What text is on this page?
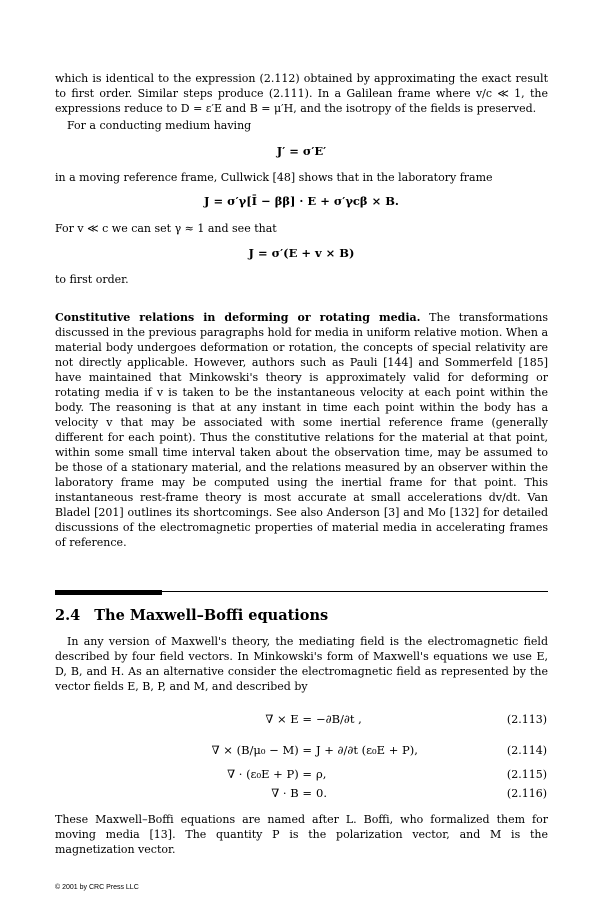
which is identical to the expression (2.112) obtained by approximating the exact result to first order. Similar steps produce (2.111). In a Galilean frame where v/c ≪ 1, the expressions reduce to D = ε′E and B = μ′H, and the isotropy of the fields is preserved.

For a conducting medium having

J′ = σ′E′

in a moving reference frame, Cullwick [48] shows that in the laboratory frame

J = σ′γ[Ī − ββ] · E + σ′γcβ × B.

For v ≪ c we can set γ ≈ 1 and see that

J = σ′(E + v × B)

to first order.

Constitutive relations in deforming or rotating media. The transformations discussed in the previous paragraphs hold for media in uniform relative motion. When a material body undergoes deformation or rotation, the concepts of special relativity are not directly applicable. However, authors such as Pauli [144] and Sommerfeld [185] have maintained that Minkowski's theory is approximately valid for deforming or rotating media if v is taken to be the instantaneous velocity at each point within the body. The reasoning is that at any instant in time each point within the body has a velocity v that may be associated with some inertial reference frame (generally different for each point). Thus the constitutive relations for the material at that point, within some small time interval taken about the observation time, may be assumed to be those of a stationary material, and the relations measured by an observer within the laboratory frame may be computed using the inertial frame for that point. This instantaneous rest-frame theory is most accurate at small accelerations dv/dt. Van Bladel [201] outlines its shortcomings. See also Anderson [3] and Mo [132] for detailed discussions of the electromagnetic properties of material media in accelerating frames of reference.

2.4 The Maxwell–Boffi equations

In any version of Maxwell's theory, the mediating field is the electromagnetic field described by four field vectors. In Minkowski's form of Maxwell's equations we use E, D, B, and H. As an alternative consider the electromagnetic field as represented by the vector fields E, B, P, and M, and described by

∇ × E = −∂B/∂t ,	(2.113)
∇ × (B/μ₀ − M) = J + ∂/∂t (ε₀E + P),	(2.114)
∇ · (ε₀E + P) = ρ,	(2.115)
∇ · B = 0.	(2.116)

These Maxwell–Boffi equations are named after L. Boffi, who formalized them for moving media [13]. The quantity P is the polarization vector, and M is the magnetization vector.

© 2001 by CRC Press LLC
